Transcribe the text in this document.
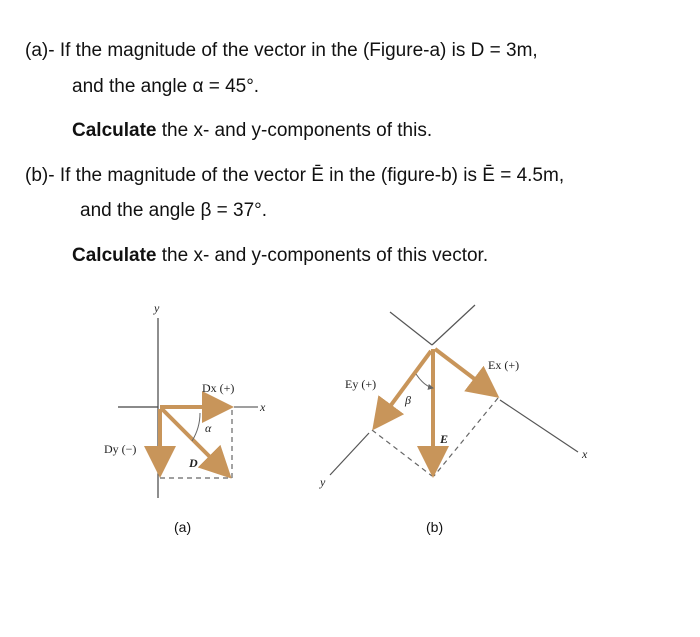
(a)- If the magnitude of the vector in the (Figure-a) is D = 3m,
and the angle α = 45°.
Calculate the x- and y-components of this.
(b)- If the magnitude of the vector Ē in the (figure-b) is Ē = 4.5m,
and the angle β = 37°.
Calculate the x- and y-components of this vector.
y
x
Dx (+)
Dy (−)
D
α
(a)
x
y
Ex (+)
Ey (+)
E
β
(b)
